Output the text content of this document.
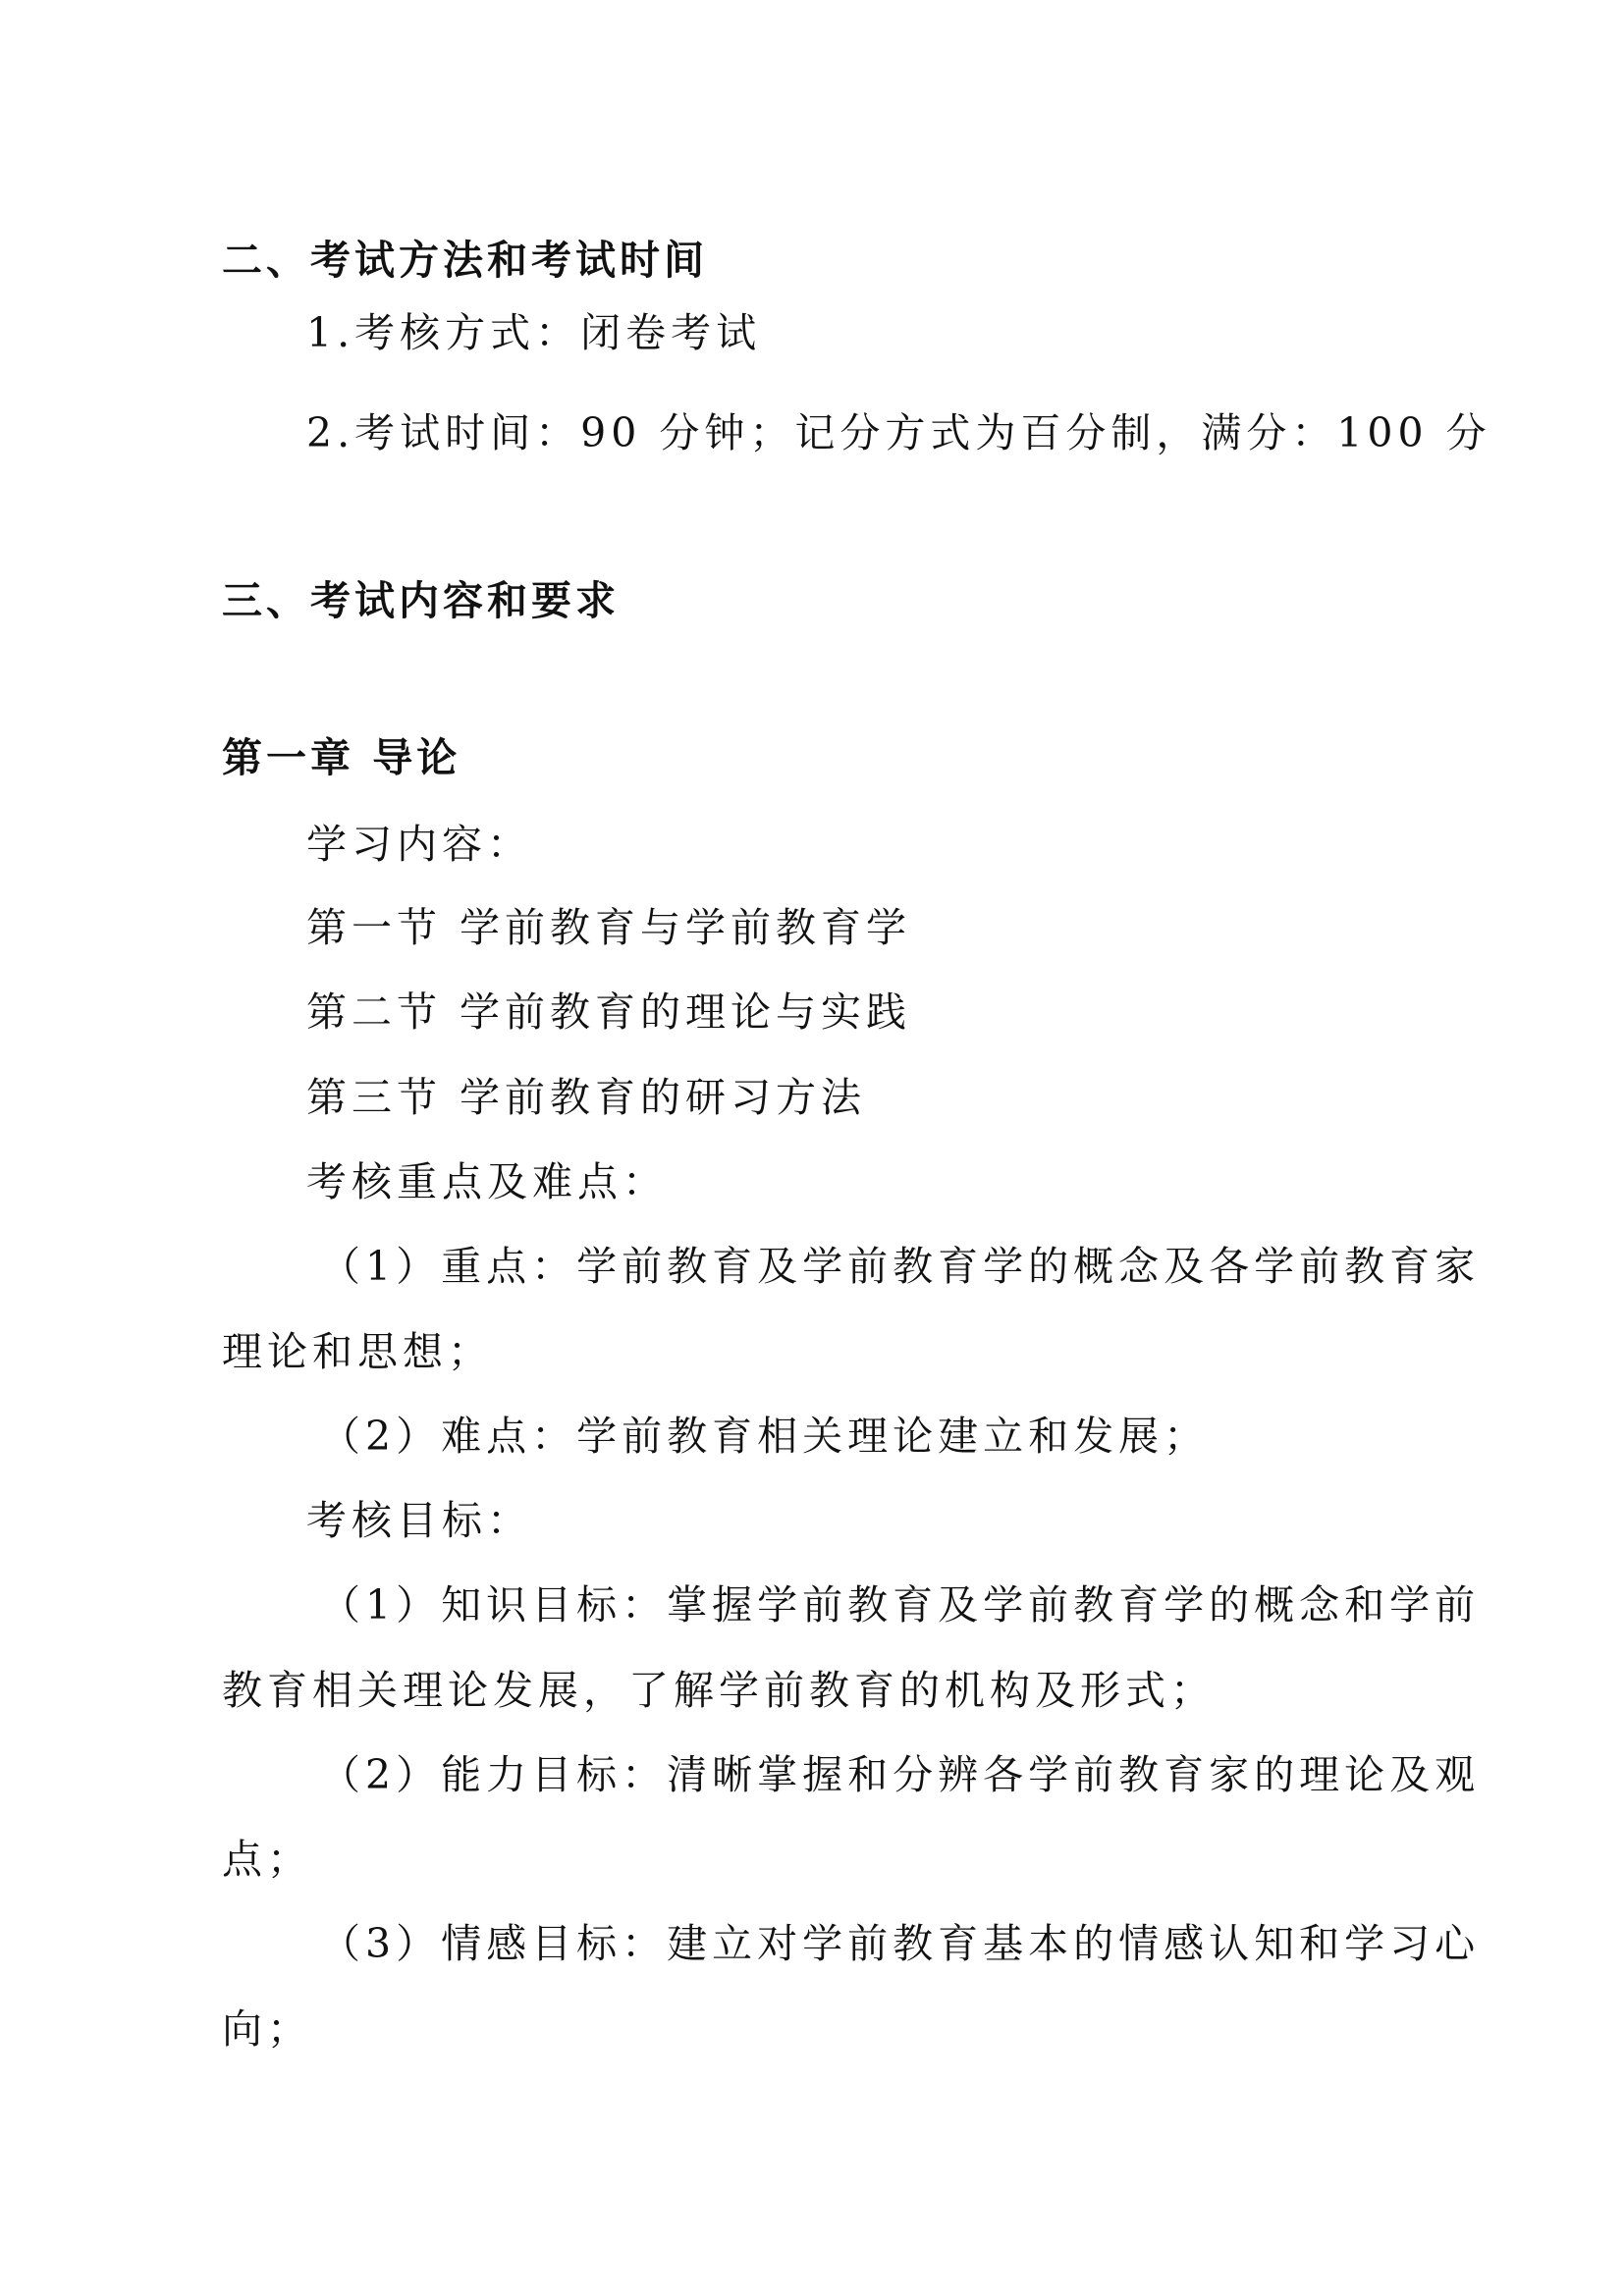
二、考试方法和考试时间
1.考核方式：闭卷考试
2.考试时间：90 分钟；记分方式为百分制，满分：100 分
三、考试内容和要求
第一章 导论
学习内容：
第一节 学前教育与学前教育学
第二节 学前教育的理论与实践
第三节 学前教育的研习方法
考核重点及难点：
（1）重点：学前教育及学前教育学的概念及各学前教育家
理论和思想；
（2）难点：学前教育相关理论建立和发展；
考核目标：
（1）知识目标：掌握学前教育及学前教育学的概念和学前
教育相关理论发展，了解学前教育的机构及形式；
（2）能力目标：清晰掌握和分辨各学前教育家的理论及观
点；
（3）情感目标：建立对学前教育基本的情感认知和学习心
向；
